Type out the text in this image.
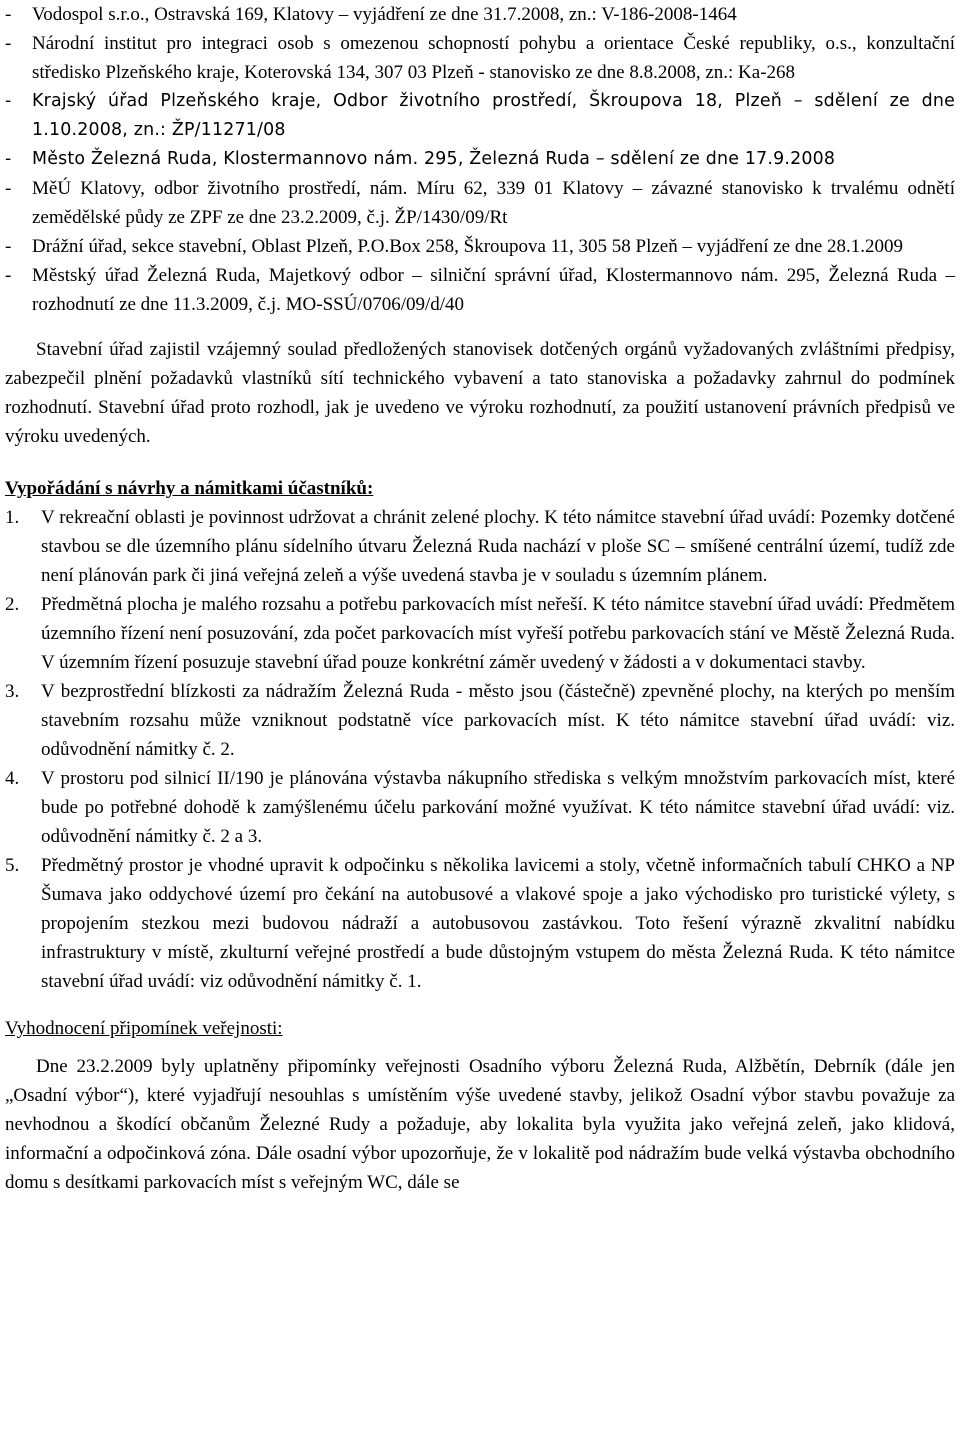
- Vodospol s.r.o., Ostravská 169, Klatovy – vyjádření ze dne 31.7.2008, zn.: V-186-2008-1464
- Národní institut pro integraci osob s omezenou schopností pohybu a orientace České republiky, o.s., konzultační středisko Plzeňského kraje, Koterovská 134, 307 03 Plzeň - stanovisko ze dne 8.8.2008, zn.: Ka-268
- Krajský úřad Plzeňského kraje, Odbor životního prostředí, Škroupova 18, Plzeň – sdělení ze dne 1.10.2008, zn.: ŽP/11271/08
- Město Železná Ruda, Klostermannovo nám. 295, Železná Ruda – sdělení ze dne 17.9.2008
- MěÚ Klatovy, odbor životního prostředí, nám. Míru 62, 339 01 Klatovy – závazné stanovisko k trvalému odnětí zemědělské půdy ze ZPF ze dne 23.2.2009, č.j. ŽP/1430/09/Rt
- Drážní úřad, sekce stavební, Oblast Plzeň, P.O.Box 258, Škroupova 11, 305 58 Plzeň – vyjádření ze dne 28.1.2009
- Městský úřad Železná Ruda, Majetkový odbor – silniční správní úřad, Klostermannovo nám. 295, Železná Ruda – rozhodnutí ze dne 11.3.2009, č.j. MO-SSÚ/0706/09/d/40

Stavební úřad zajistil vzájemný soulad předložených stanovisek dotčených orgánů vyžadovaných zvláštními předpisy, zabezpečil plnění požadavků vlastníků sítí technického vybavení a tato stanoviska a požadavky zahrnul do podmínek rozhodnutí. Stavební úřad proto rozhodl, jak je uvedeno ve výroku rozhodnutí, za použití ustanovení právních předpisů ve výroku uvedených.

Vypořádání s návrhy a námitkami účastníků:
1. V rekreační oblasti je povinnost udržovat a chránit zelené plochy. K této námitce stavební úřad uvádí: Pozemky dotčené stavbou se dle územního plánu sídelního útvaru Železná Ruda nachází v ploše SC – smíšené centrální území, tudíž zde není plánován park či jiná veřejná zeleň a výše uvedená stavba je v souladu s územním plánem.
2. Předmětná plocha je malého rozsahu a potřebu parkovacích míst neřeší. K této námitce stavební úřad uvádí: Předmětem územního řízení není posuzování, zda počet parkovacích míst vyřeší potřebu parkovacích stání ve Městě Železná Ruda. V územním řízení posuzuje stavební úřad pouze konkrétní záměr uvedený v žádosti a v dokumentaci stavby.
3. V bezprostřední blízkosti za nádražím Železná Ruda - město jsou (částečně) zpevněné plochy, na kterých po menším stavebním rozsahu může vzniknout podstatně více parkovacích míst. K této námitce stavební úřad uvádí: viz. odůvodnění námitky č. 2.
4. V prostoru pod silnicí II/190 je plánována výstavba nákupního střediska s velkým množstvím parkovacích míst, které bude po potřebné dohodě k zamýšlenému účelu parkování možné využívat. K této námitce stavební úřad uvádí: viz. odůvodnění námitky č. 2 a 3.
5. Předmětný prostor je vhodné upravit k odpočinku s několika lavicemi a stoly, včetně informačních tabulí CHKO a NP Šumava jako oddychové území pro čekání na autobusové a vlakové spoje a jako východisko pro turistické výlety, s propojením stezkou mezi budovou nádraží a autobusovou zastávkou. Toto řešení výrazně zkvalitní nabídku infrastruktury v místě, zkulturní veřejné prostředí a bude důstojným vstupem do města Železná Ruda. K této námitce stavební úřad uvádí: viz odůvodnění námitky č. 1.
Vyhodnocení připomínek veřejnosti:

Dne 23.2.2009 byly uplatněny připomínky veřejnosti Osadního výboru Železná Ruda, Alžbětín, Debrník (dále jen „Osadní výbor“), které vyjadřují nesouhlas s umístěním výše uvedené stavby, jelikož Osadní výbor stavbu považuje za nevhodnou a škodící občanům Železné Rudy a požaduje, aby lokalita byla využita jako veřejná zeleň, jako klidová, informační a odpočinková zóna. Dále osadní výbor upozorňuje, že v lokalitě pod nádražím bude velká výstavba obchodního domu s desítkami parkovacích míst s veřejným WC, dále se
